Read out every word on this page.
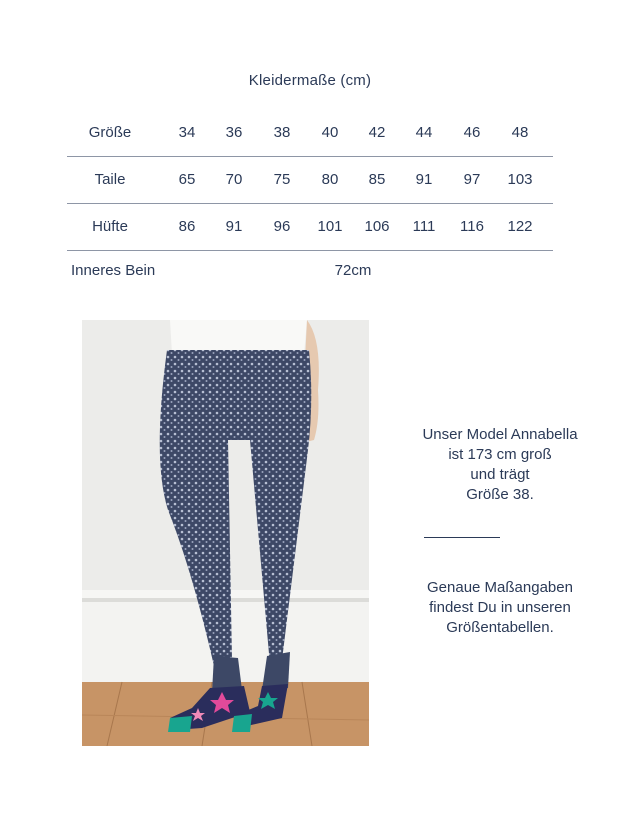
Kleidermaße (cm)
Größe	34	36	38	40	42	44	46	48
Taile	65	70	75	80	85	91	97	103
Hüfte	86	91	96	101	106	111	116	122
Inneres Bein	72cm
Unser Model Annabella
ist 173 cm groß
und trägt
Größe 38.
Genaue Maßangaben
findest Du in unseren
Größentabellen.
